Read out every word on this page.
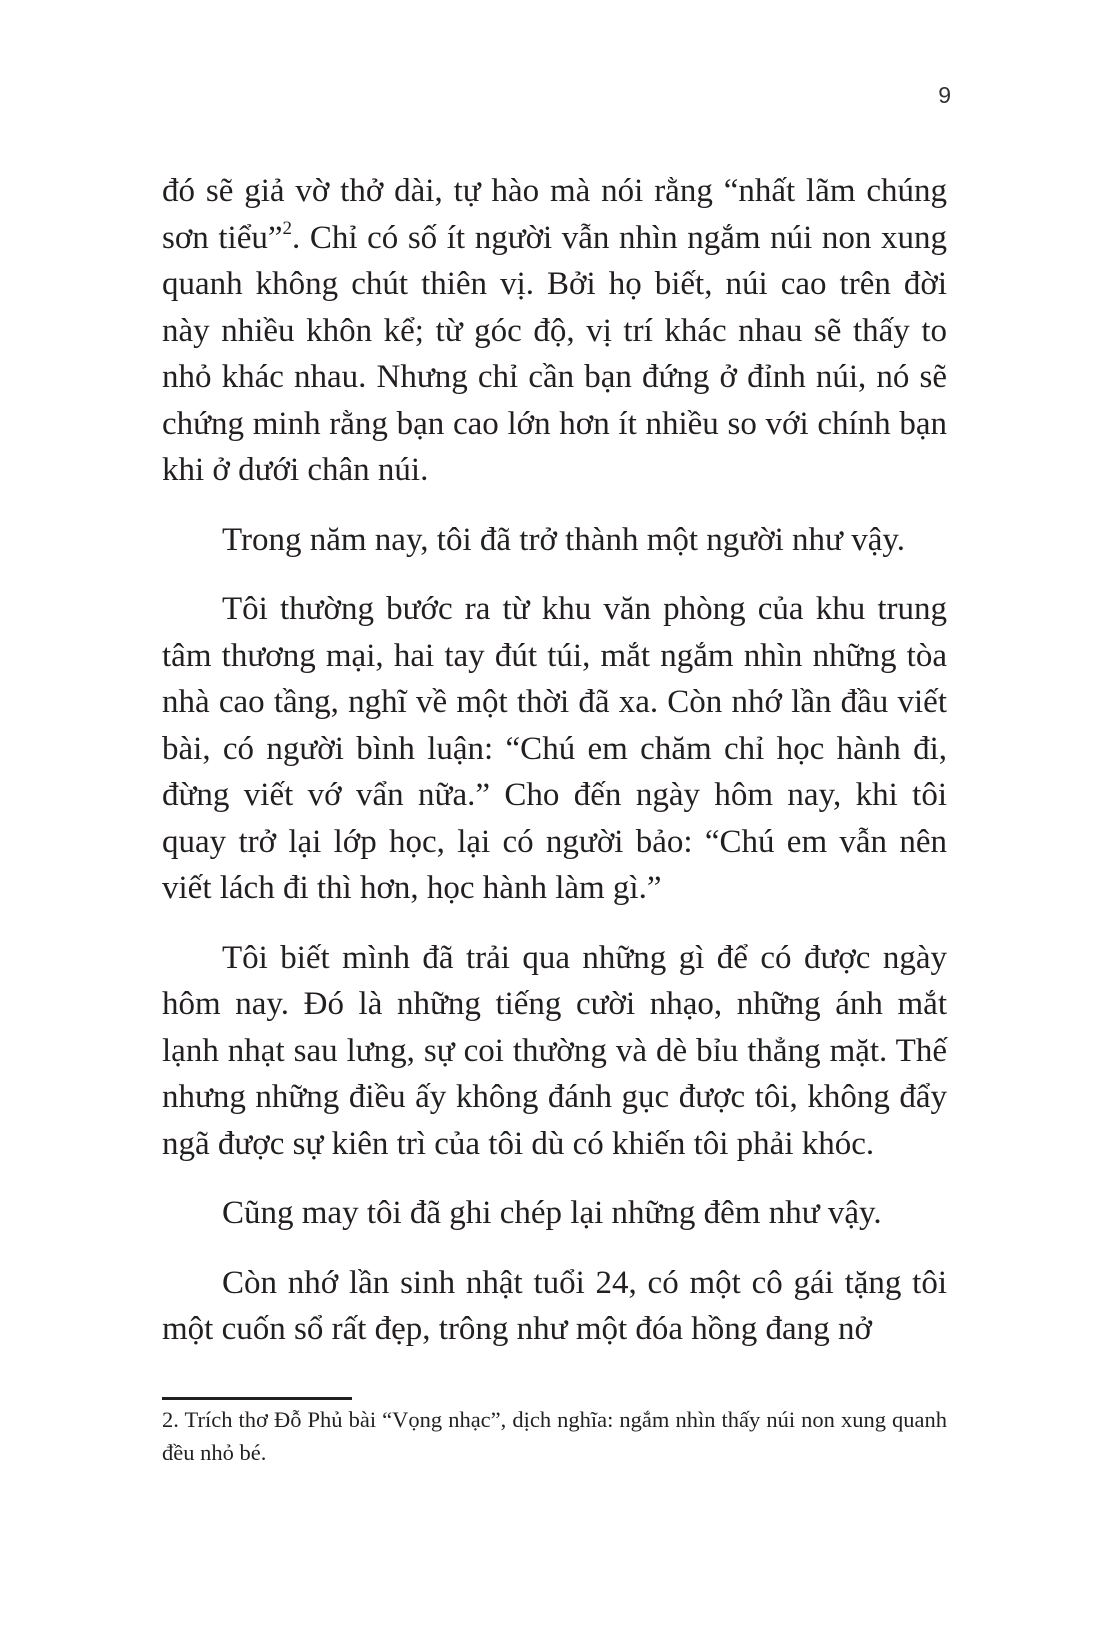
9

đó sẽ giả vờ thở dài, tự hào mà nói rằng “nhất lãm chúng sơn tiểu”$^2$. Chỉ có số ít người vẫn nhìn ngắm núi non xung quanh không chút thiên vị. Bởi họ biết, núi cao trên đời này nhiều khôn kể; từ góc độ, vị trí khác nhau sẽ thấy to nhỏ khác nhau. Nhưng chỉ cần bạn đứng ở đỉnh núi, nó sẽ chứng minh rằng bạn cao lớn hơn ít nhiều so với chính bạn khi ở dưới chân núi.

Trong năm nay, tôi đã trở thành một người như vậy.

Tôi thường bước ra từ khu văn phòng của khu trung tâm thương mại, hai tay đút túi, mắt ngắm nhìn những tòa nhà cao tầng, nghĩ về một thời đã xa. Còn nhớ lần đầu viết bài, có người bình luận: “Chú em chăm chỉ học hành đi, đừng viết vớ vẩn nữa.” Cho đến ngày hôm nay, khi tôi quay trở lại lớp học, lại có người bảo: “Chú em vẫn nên viết lách đi thì hơn, học hành làm gì.”

Tôi biết mình đã trải qua những gì để có được ngày hôm nay. Đó là những tiếng cười nhạo, những ánh mắt lạnh nhạt sau lưng, sự coi thường và dè bỉu thẳng mặt. Thế nhưng những điều ấy không đánh gục được tôi, không đẩy ngã được sự kiên trì của tôi dù có khiến tôi phải khóc.

Cũng may tôi đã ghi chép lại những đêm như vậy.

Còn nhớ lần sinh nhật tuổi 24, có một cô gái tặng tôi một cuốn sổ rất đẹp, trông như một đóa hồng đang nở

2. Trích thơ Đỗ Phủ bài “Vọng nhạc”, dịch nghĩa: ngắm nhìn thấy núi non xung quanh đều nhỏ bé.
